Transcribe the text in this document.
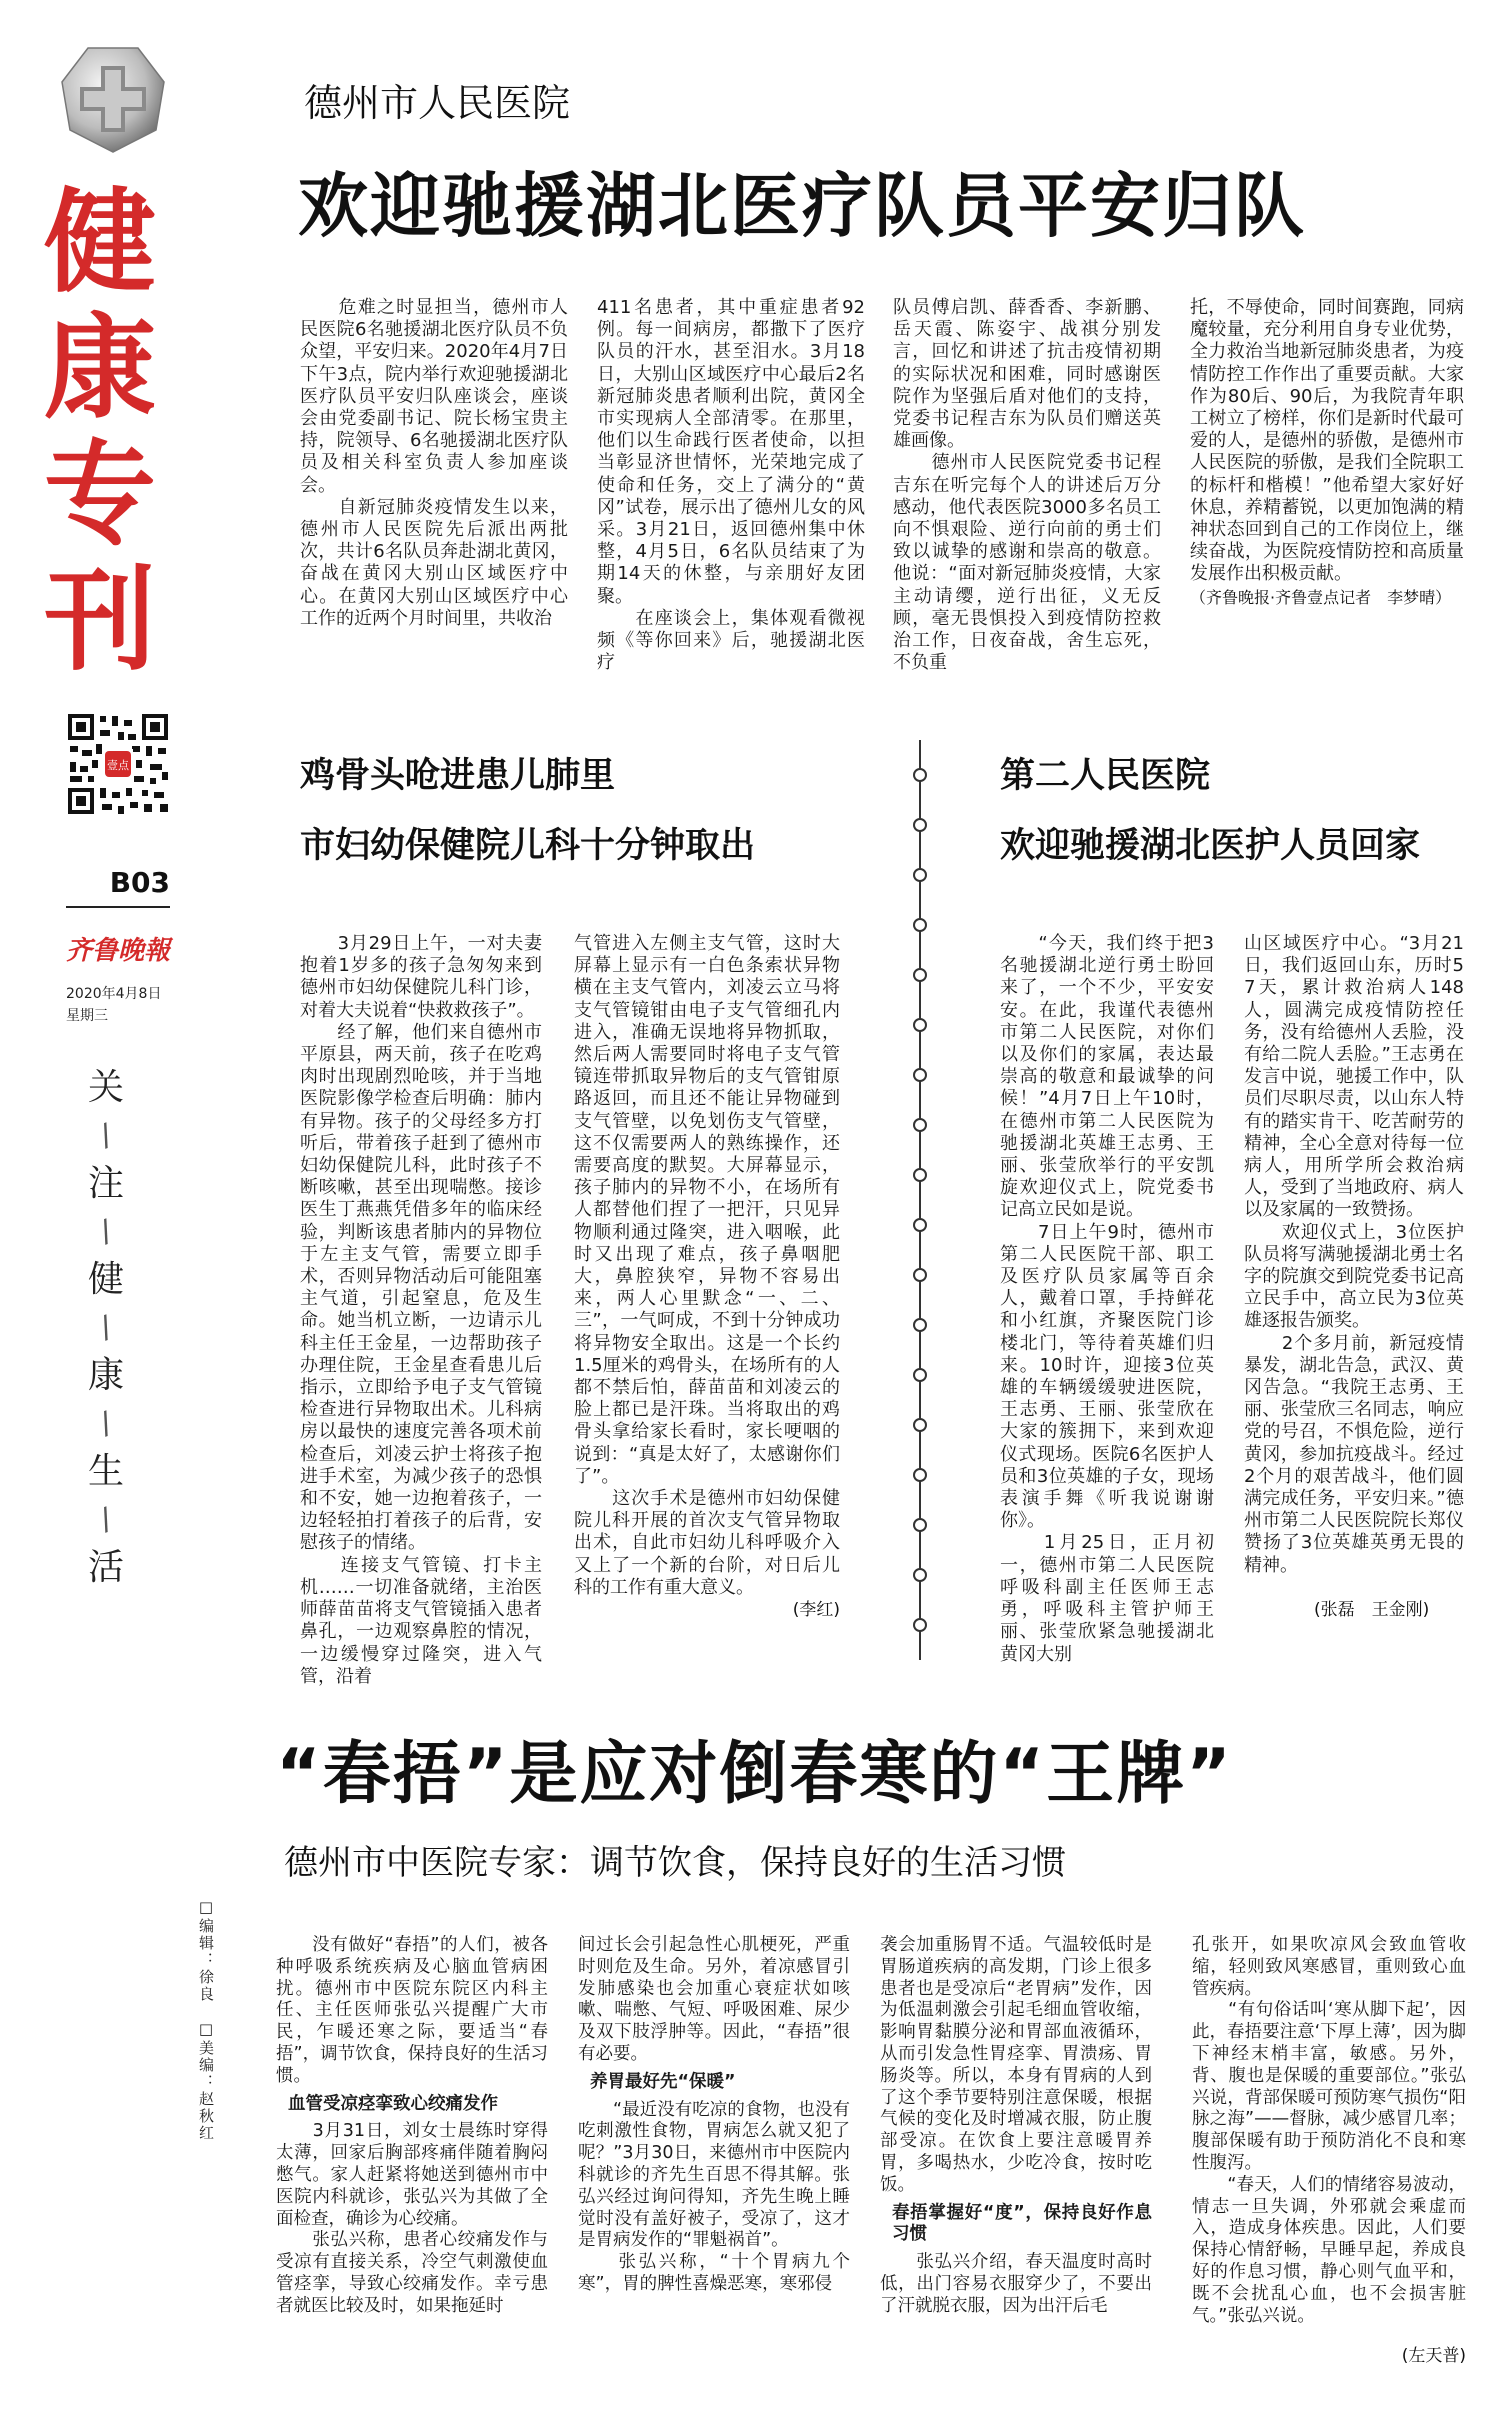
健
康
专
刊
壹点
B03
齐鲁晚報
2020年4月8日
星期三
关
/
注
/
健
/
康
/
生
/
活
德州市人民医院
欢迎驰援湖北医疗队员平安归队
　　危难之时显担当，德州市人民医院6名驰援湖北医疗队员不负众望，平安归来。2020年4月7日下午3点，院内举行欢迎驰援湖北医疗队员平安归队座谈会，座谈会由党委副书记、院长杨宝贵主持，院领导、6名驰援湖北医疗队员及相关科室负责人参加座谈会。
　　自新冠肺炎疫情发生以来，德州市人民医院先后派出两批次，共计6名队员奔赴湖北黄冈，奋战在黄冈大别山区域医疗中心。在黄冈大别山区域医疗中心工作的近两个月时间里，共收治
411名患者，其中重症患者92例。每一间病房，都撒下了医疗队员的汗水，甚至泪水。3月18日，大别山区域医疗中心最后2名新冠肺炎患者顺利出院，黄冈全市实现病人全部清零。在那里，他们以生命践行医者使命，以担当彰显济世情怀，光荣地完成了使命和任务，交上了满分的“黄冈”试卷，展示出了德州儿女的风采。3月21日，返回德州集中休整，4月5日，6名队员结束了为期14天的休整，与亲朋好友团聚。
　　在座谈会上，集体观看微视频《等你回来》后，驰援湖北医疗
队员傅启凯、薛香香、李新鹏、岳天霞、陈姿宇、战祺分别发言，回忆和讲述了抗击疫情初期的实际状况和困难，同时感谢医院作为坚强后盾对他们的支持，党委书记程吉东为队员们赠送英雄画像。
　　德州市人民医院党委书记程吉东在听完每个人的讲述后万分感动，他代表医院3000多名员工向不惧艰险、逆行向前的勇士们致以诚挚的感谢和崇高的敬意。他说：“面对新冠肺炎疫情，大家主动请缨，逆行出征，义无反顾，毫无畏惧投入到疫情防控救治工作，日夜奋战，舍生忘死，不负重
托，不辱使命，同时间赛跑，同病魔较量，充分利用自身专业优势，全力救治当地新冠肺炎患者，为疫情防控工作作出了重要贡献。大家作为80后、90后，为我院青年职工树立了榜样，你们是新时代最可爱的人，是德州的骄傲，是德州市人民医院的骄傲，是我们全院职工的标杆和楷模！”他希望大家好好休息，养精蓄锐，以更加饱满的精神状态回到自己的工作岗位上，继续奋战，为医院疫情防控和高质量发展作出积极贡献。
（齐鲁晚报·齐鲁壹点记者　李梦晴）
鸡骨头呛进患儿肺里
市妇幼保健院儿科十分钟取出
　　3月29日上午，一对夫妻抱着1岁多的孩子急匆匆来到德州市妇幼保健院儿科门诊，对着大夫说着“快救救孩子”。
　　经了解，他们来自德州市平原县，两天前，孩子在吃鸡肉时出现剧烈呛咳，并于当地医院影像学检查后明确：肺内有异物。孩子的父母经多方打听后，带着孩子赶到了德州市妇幼保健院儿科，此时孩子不断咳嗽，甚至出现喘憋。接诊医生丁燕燕凭借多年的临床经验，判断该患者肺内的异物位于左主支气管，需要立即手术，否则异物活动后可能阻塞主气道，引起窒息，危及生命。她当机立断，一边请示儿科主任王金星，一边帮助孩子办理住院，王金星查看患儿后指示，立即给予电子支气管镜检查进行异物取出术。儿科病房以最快的速度完善各项术前检查后，刘凌云护士将孩子抱进手术室，为减少孩子的恐惧和不安，她一边抱着孩子，一边轻轻拍打着孩子的后背，安慰孩子的情绪。
　　连接支气管镜、打卡主机……一切准备就绪，主治医师薛苗苗将支气管镜插入患者鼻孔，一边观察鼻腔的情况，一边缓慢穿过隆突，进入气管，沿着
气管进入左侧主支气管，这时大屏幕上显示有一白色条索状异物横在主支气管内，刘凌云立马将支气管镜钳由电子支气管细孔内进入，准确无误地将异物抓取，然后两人需要同时将电子支气管镜连带抓取异物后的支气管钳原路返回，而且还不能让异物碰到支气管壁，以免划伤支气管壁，这不仅需要两人的熟练操作，还需要高度的默契。大屏幕显示，孩子肺内的异物不小，在场所有人都替他们捏了一把汗，只见异物顺利通过隆突，进入咽喉，此时又出现了难点，孩子鼻咽肥大，鼻腔狭窄，异物不容易出来，两人心里默念“一、二、三”，一气呵成，不到十分钟成功将异物安全取出。这是一个长约1.5厘米的鸡骨头，在场所有的人都不禁后怕，薛苗苗和刘凌云的脸上都已是汗珠。当将取出的鸡骨头拿给家长看时，家长哽咽的说到：“真是太好了，太感谢你们了”。
　　这次手术是德州市妇幼保健院儿科开展的首次支气管异物取出术，自此市妇幼儿科呼吸介入又上了一个新的台阶，对日后儿科的工作有重大意义。
(李红)
第二人民医院
欢迎驰援湖北医护人员回家
　　“今天，我们终于把3名驰援湖北逆行勇士盼回来了，一个不少，平安安安。在此，我谨代表德州市第二人民医院，对你们以及你们的家属，表达最崇高的敬意和最诚挚的问候！”4月7日上午10时，在德州市第二人民医院为驰援湖北英雄王志勇、王丽、张莹欣举行的平安凯旋欢迎仪式上，院党委书记高立民如是说。
　　7日上午9时，德州市第二人民医院干部、职工及医疗队员家属等百余人，戴着口罩，手持鲜花和小红旗，齐聚医院门诊楼北门，等待着英雄们归来。10时许，迎接3位英雄的车辆缓缓驶进医院，王志勇、王丽、张莹欣在大家的簇拥下，来到欢迎仪式现场。医院6名医护人员和3位英雄的子女，现场表演手舞《听我说谢谢你》。
　　1月25日，正月初一，德州市第二人民医院呼吸科副主任医师王志勇，呼吸科主管护师王丽、张莹欣紧急驰援湖北黄冈大别
山区域医疗中心。“3月21日，我们返回山东，历时57天，累计救治病人148人，圆满完成疫情防控任务，没有给德州人丢脸，没有给二院人丢脸。”王志勇在发言中说，驰援工作中，队员们尽职尽责，以山东人特有的踏实肯干、吃苦耐劳的精神，全心全意对待每一位病人，用所学所会救治病人，受到了当地政府、病人以及家属的一致赞扬。
　　欢迎仪式上，3位医护队员将写满驰援湖北勇士名字的院旗交到院党委书记高立民手中，高立民为3位英雄逐报告颁奖。
　　2个多月前，新冠疫情暴发，湖北告急，武汉、黄冈告急。“我院王志勇、王丽、张莹欣三名同志，响应党的号召，不惧危险，逆行黄冈，参加抗疫战斗。经过2个月的艰苦战斗，他们圆满完成任务，平安归来。”德州市第二人民医院院长郑仪赞扬了3位英雄英勇无畏的精神。
(张磊　王金刚)
“春捂”是应对倒春寒的“王牌”
德州市中医院专家：调节饮食，保持良好的生活习惯
□编辑：徐良　□美编：赵秋红	　　没有做好“春捂”的人们，被各种呼吸系统疾病及心脑血管病困扰。德州市中医院东院区内科主任、主任医师张弘兴提醒广大市民，乍暖还寒之际，要适当“春捂”，调节饮食，保持良好的生活习惯。

血管受凉痉挛致心绞痛发作
　　3月31日，刘女士晨练时穿得太薄，回家后胸部疼痛伴随着胸闷憋气。家人赶紧将她送到德州市中医院内科就诊，张弘兴为其做了全面检查，确诊为心绞痛。
　　张弘兴称，患者心绞痛发作与受凉有直接关系，冷空气刺激使血管痉挛，导致心绞痛发作。幸亏患者就医比较及时，如果拖延时
间过长会引起急性心肌梗死，严重时则危及生命。另外，着凉感冒引发肺感染也会加重心衰症状如咳嗽、喘憋、气短、呼吸困难、尿少及双下肢浮肿等。因此，“春捂”很有必要。

养胃最好先“保暖”
　　“最近没有吃凉的食物，也没有吃刺激性食物，胃病怎么就又犯了呢？”3月30日，来德州市中医院内科就诊的齐先生百思不得其解。张弘兴经过询问得知，齐先生晚上睡觉时没有盖好被子，受凉了，这才是胃病发作的“罪魁祸首”。
　　张弘兴称，“十个胃病九个寒”，胃的脾性喜燥恶寒，寒邪侵
袭会加重肠胃不适。气温较低时是胃肠道疾病的高发期，门诊上很多患者也是受凉后“老胃病”发作，因为低温刺激会引起毛细血管收缩，影响胃黏膜分泌和胃部血液循环，从而引发急性胃痉挛、胃溃疡、胃肠炎等。所以，本身有胃病的人到了这个季节要特别注意保暖，根据气候的变化及时增减衣服，防止腹部受凉。在饮食上要注意暖胃养胃，多喝热水，少吃冷食，按时吃饭。

春捂掌握好“度”，保持良好作息习惯
　　张弘兴介绍，春天温度时高时低，出门容易衣服穿少了，不要出了汗就脱衣服，因为出汗后毛
孔张开，如果吹凉风会致血管收缩，轻则致风寒感冒，重则致心血管疾病。
　　“有句俗话叫‘寒从脚下起’，因此，春捂要注意‘下厚上薄’，因为脚下神经末梢丰富，敏感。另外，背、腹也是保暖的重要部位。”张弘兴说，背部保暖可预防寒气损伤“阳脉之海”——督脉，减少感冒几率；腹部保暖有助于预防消化不良和寒性腹泻。
　　“春天，人们的情绪容易波动，情志一旦失调，外邪就会乘虚而入，造成身体疾患。因此，人们要保持心情舒畅，早睡早起，养成良好的作息习惯，静心则气血平和，既不会扰乱心血，也不会损害脏气。”张弘兴说。
(左天普)
